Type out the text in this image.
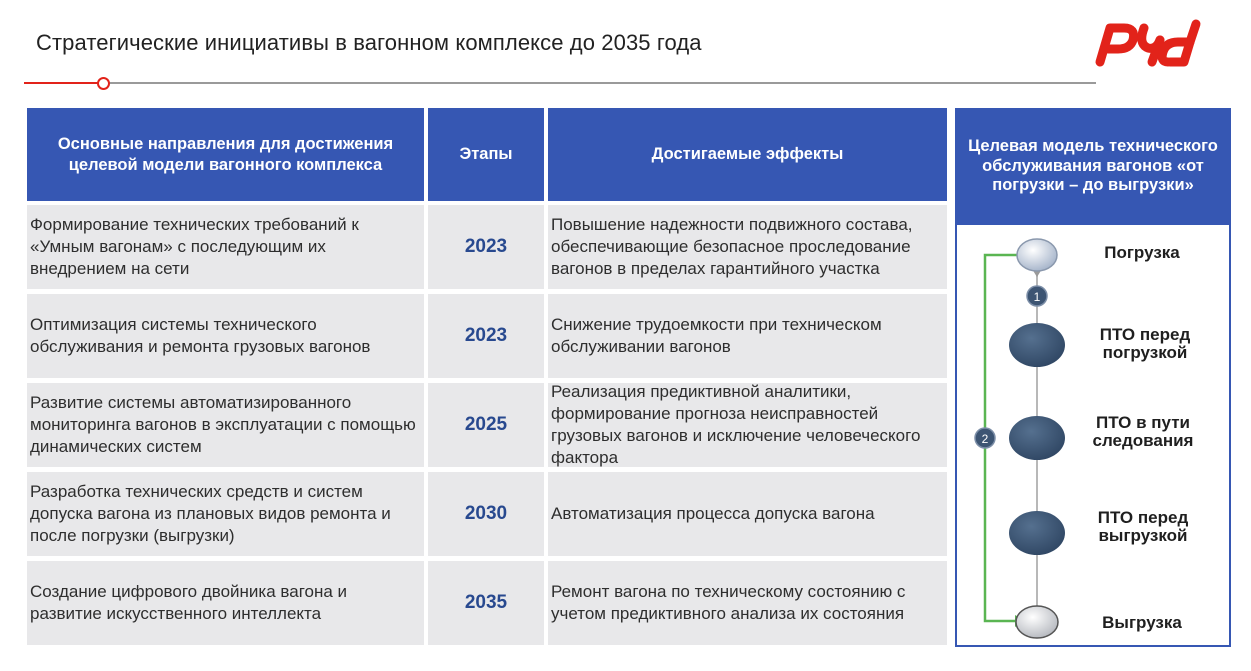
Стратегические инициативы в вагонном комплексе до 2035 года
Основные направления для достижения целевой модели вагонного комплекса
Этапы	Достигаемые эффекты
Формирование технических требований к «Умным вагонам» с последующим их внедрением на сети
2023
Повышение надежности подвижного состава, обеспечивающие безопасное проследование вагонов в пределах гарантийного участка
Оптимизация системы технического обслуживания и ремонта грузовых вагонов
2023
Снижение трудоемкости при техническом обслуживании вагонов
Развитие системы автоматизированного мониторинга вагонов в эксплуатации с помощью динамических систем
2025
Реализация предиктивной аналитики, формирование прогноза неисправностей грузовых вагонов и исключение человеческого фактора
Разработка технических средств и систем допуска вагона из плановых видов ремонта и после погрузки (выгрузки)
2030	Автоматизация процесса допуска вагона
Создание цифрового двойника вагона и развитие искусственного интеллекта
2035
Ремонт вагона по техническому состоянию с учетом предиктивного анализа их состояния
Целевая модель технического обслуживания вагонов «от погрузки – до выгрузки»
1
2
Погрузка
ПТО перед погрузкой
ПТО в пути следования
ПТО перед выгрузкой
Выгрузка
